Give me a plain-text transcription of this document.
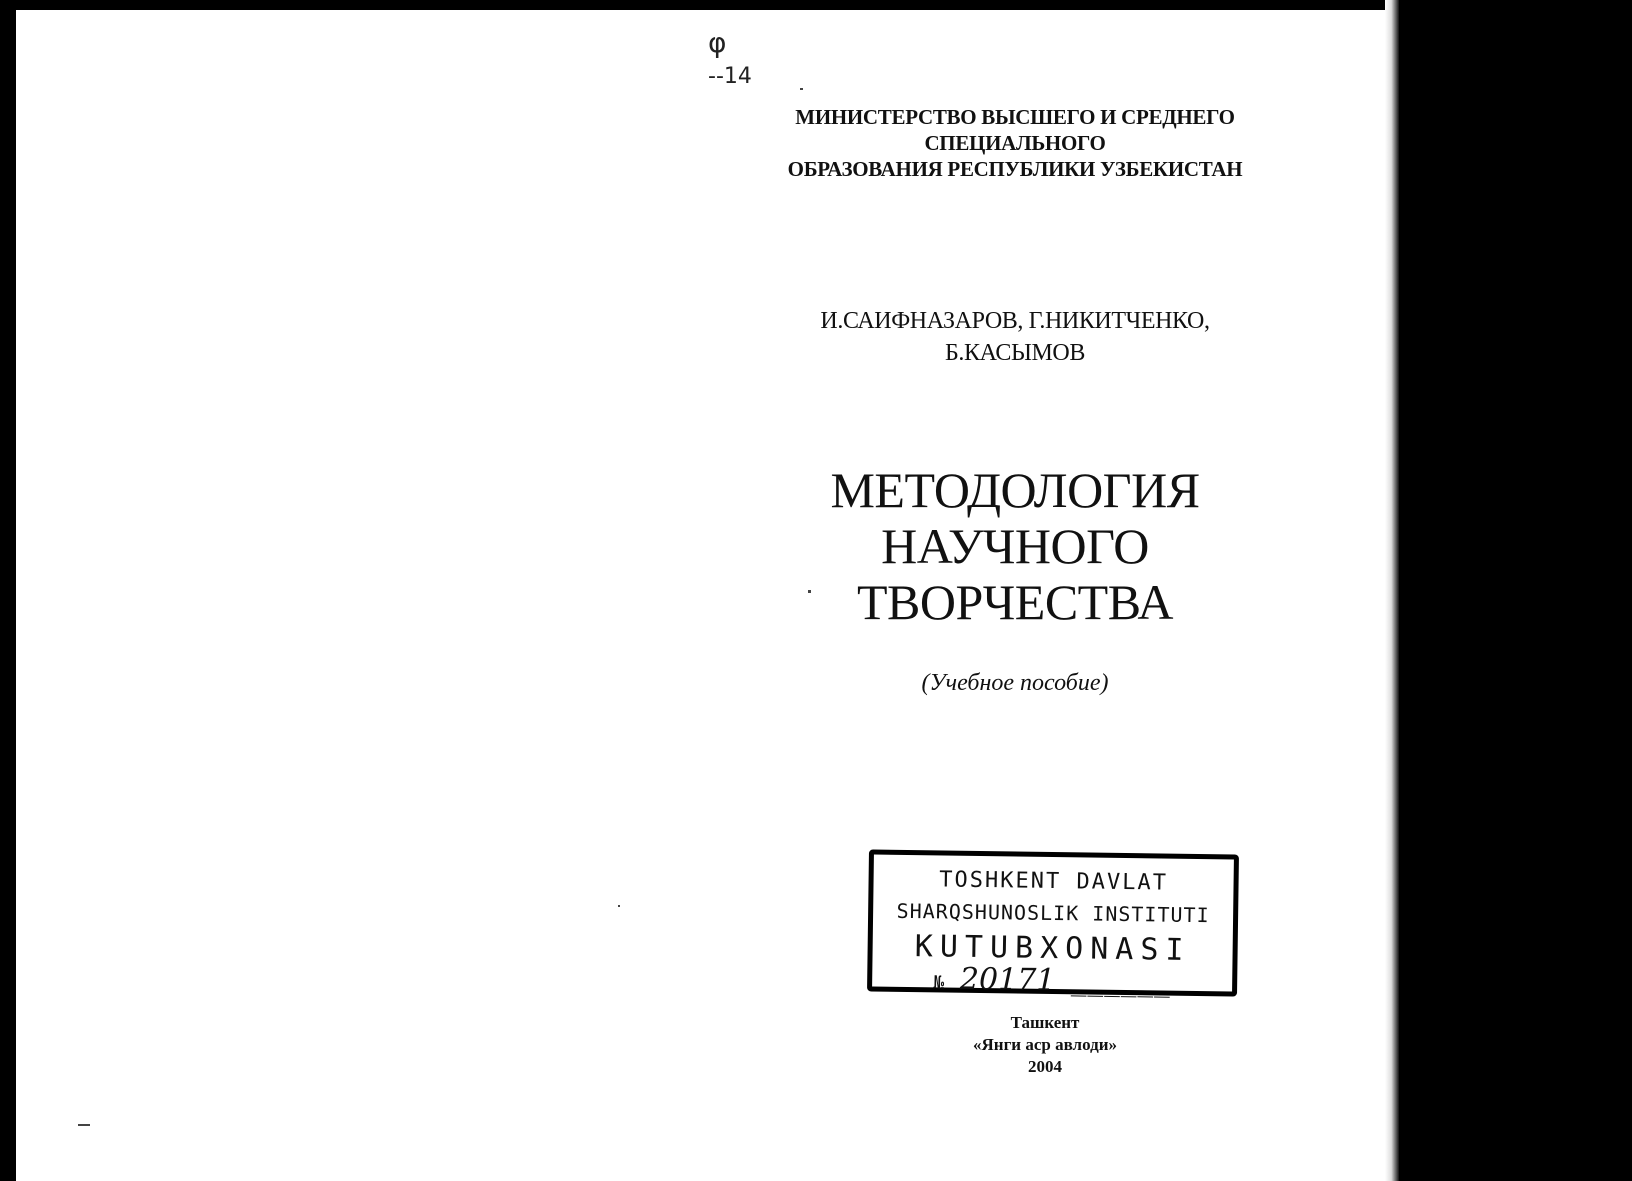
φ
--14
МИНИСТЕРСТВО ВЫСШЕГО И СРЕДНЕГО
СПЕЦИАЛЬНОГО
ОБРАЗОВАНИЯ РЕСПУБЛИКИ УЗБЕКИСТАН
И.САИФНАЗАРОВ, Г.НИКИТЧЕНКО,
Б.КАСЫМОВ
МЕТОДОЛОГИЯ
НАУЧНОГО
ТВОРЧЕСТВА
(Учебное пособие)
TOSHKENT DAVLAT
SHARQSHUNOSLIK INSTITUTI
KUTUBXONASI
№ 20171 ______
Ташкент
«Янги аср авлоди»
2004
